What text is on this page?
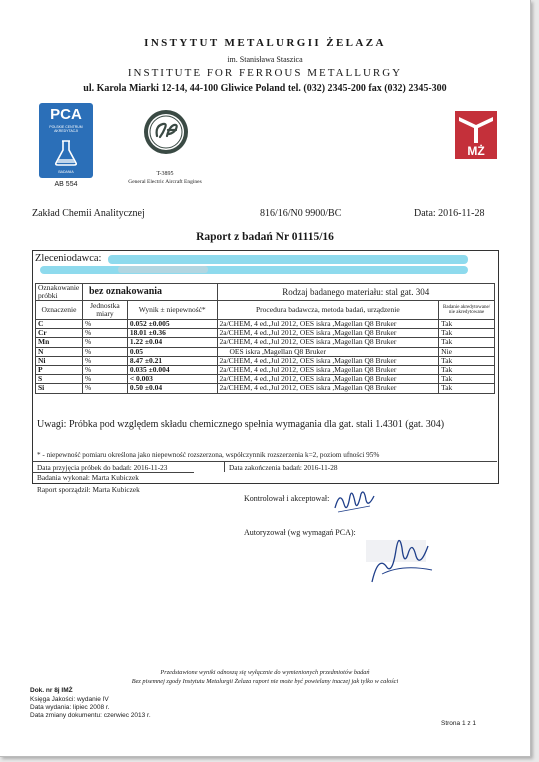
INSTYTUT METALURGII ŻELAZA
im. Stanisława Staszica
INSTITUTE FOR FERROUS METALLURGY
ul. Karola Miarki 12-14, 44-100 Gliwice Poland tel. (032) 2345-200 fax (032) 2345-300
PCA
POLSKIE CENTRUM AKREDYTACJI
BADANIA
AB 554
T-3895
General Electric Aircraft Engines
MŻ
Zakład Chemii Analitycznej	816/16/N0 9900/BC	Data: 2016-11-28
Raport z badań Nr 01115/16
Zleceniodawca:
Oznakowanie próbki	bez oznakowania		Rodzaj badanego materiału: stal gat. 304	
Oznaczenie	Jednostka miary	Wynik ± niepewność*	Procedura badawcza, metoda badań, urządzenie	Badanie akredytowane/ nie akredytowane
C	%	0.052 ±0.005	2a/CHEM, 4 ed.,Jul 2012, OES iskra ,Magellan Q8 Bruker	Tak
Cr	%	18.01 ±0.36	2a/CHEM, 4 ed.,Jul 2012, OES iskra ,Magellan Q8 Bruker	Tak
Mn	%	1.22 ±0.04	2a/CHEM, 4 ed.,Jul 2012, OES iskra ,Magellan Q8 Bruker	Tak
N	%	0.05	OES iskra ,Magellan Q8 Bruker	Nie
Ni	%	8.47 ±0.21	2a/CHEM, 4 ed.,Jul 2012, OES iskra ,Magellan Q8 Bruker	Tak
P	%	0.035 ±0.004	2a/CHEM, 4 ed.,Jul 2012, OES iskra ,Magellan Q8 Bruker	Tak
S	%	< 0.003	2a/CHEM, 4 ed.,Jul 2012, OES iskra ,Magellan Q8 Bruker	Tak
Si	%	0.50 ±0.04	2a/CHEM, 4 ed.,Jul 2012, OES iskra ,Magellan Q8 Bruker	Tak
Uwagi: Próbka pod względem składu chemicznego spełnia wymagania dla gat. stali 1.4301 (gat. 304)
* - niepewność pomiaru określona jako niepewność rozszerzona, współczynnik rozszerzenia k=2, poziom ufności 95%
Data przyjęcia próbek do badań: 2016-11-23	Data zakończenia badań: 2016-11-28
Badania wykonał: Marta Kubiczek
Raport sporządził: Marta Kubiczek
Kontrolował i akceptował:
Autoryzował (wg wymagań PCA):
Przedstawione wyniki odnoszą się wyłącznie do wymienionych przedmiotów badań
Bez pisemnej zgody Instytutu Metalurgii Żelaza raport nie może być powielany inaczej jak tylko w całości
Dok. nr 8j IMŻ
Księga Jakości: wydanie IV
Data wydania: lipiec 2008 r.
Data zmiany dokumentu: czerwiec 2013 r.
Strona 1 z 1
